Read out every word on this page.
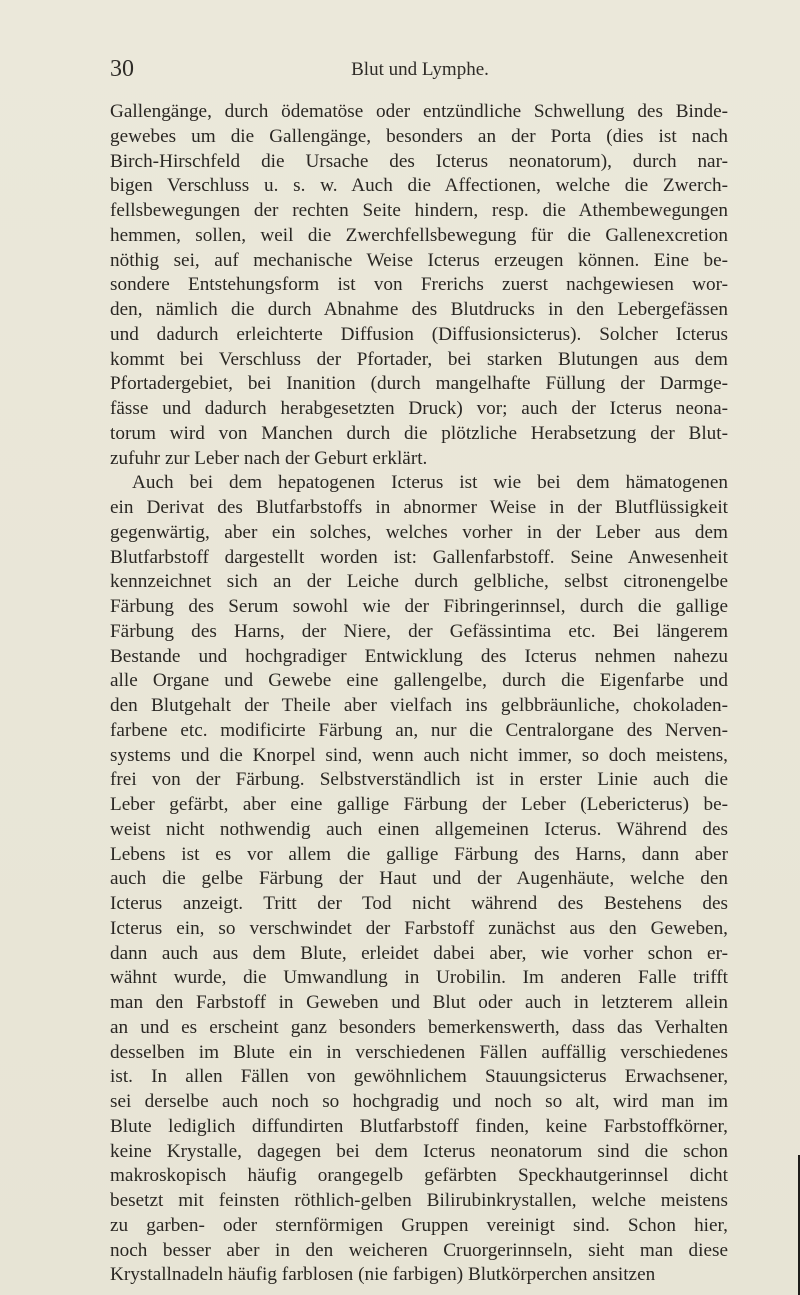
30	Blut und Lymphe.
Gallengänge, durch ödematöse oder entzündliche Schwellung des Binde-
gewebes um die Gallengänge, besonders an der Porta (dies ist nach
Birch-Hirschfeld die Ursache des Icterus neonatorum), durch nar-
bigen Verschluss u. s. w. Auch die Affectionen, welche die Zwerch-
fellsbewegungen der rechten Seite hindern, resp. die Athembewegungen
hemmen, sollen, weil die Zwerchfellsbewegung für die Gallenexcretion
nöthig sei, auf mechanische Weise Icterus erzeugen können. Eine be-
sondere Entstehungsform ist von Frerichs zuerst nachgewiesen wor-
den, nämlich die durch Abnahme des Blutdrucks in den Lebergefässen
und dadurch erleichterte Diffusion (Diffusionsicterus). Solcher Icterus
kommt bei Verschluss der Pfortader, bei starken Blutungen aus dem
Pfortadergebiet, bei Inanition (durch mangelhafte Füllung der Darmge-
fässe und dadurch herabgesetzten Druck) vor; auch der Icterus neona-
torum wird von Manchen durch die plötzliche Herabsetzung der Blut-
zufuhr zur Leber nach der Geburt erklärt.
Auch bei dem hepatogenen Icterus ist wie bei dem hämatogenen
ein Derivat des Blutfarbstoffs in abnormer Weise in der Blutflüssigkeit
gegenwärtig, aber ein solches, welches vorher in der Leber aus dem
Blutfarbstoff dargestellt worden ist: Gallenfarbstoff. Seine Anwesenheit
kennzeichnet sich an der Leiche durch gelbliche, selbst citronengelbe
Färbung des Serum sowohl wie der Fibringerinnsel, durch die gallige
Färbung des Harns, der Niere, der Gefässintima etc. Bei längerem
Bestande und hochgradiger Entwicklung des Icterus nehmen nahezu
alle Organe und Gewebe eine gallengelbe, durch die Eigenfarbe und
den Blutgehalt der Theile aber vielfach ins gelbbräunliche, chokoladen-
farbene etc. modificirte Färbung an, nur die Centralorgane des Nerven-
systems und die Knorpel sind, wenn auch nicht immer, so doch meistens,
frei von der Färbung. Selbstverständlich ist in erster Linie auch die
Leber gefärbt, aber eine gallige Färbung der Leber (Lebericterus) be-
weist nicht nothwendig auch einen allgemeinen Icterus. Während des
Lebens ist es vor allem die gallige Färbung des Harns, dann aber
auch die gelbe Färbung der Haut und der Augenhäute, welche den
Icterus anzeigt. Tritt der Tod nicht während des Bestehens des
Icterus ein, so verschwindet der Farbstoff zunächst aus den Geweben,
dann auch aus dem Blute, erleidet dabei aber, wie vorher schon er-
wähnt wurde, die Umwandlung in Urobilin. Im anderen Falle trifft
man den Farbstoff in Geweben und Blut oder auch in letzterem allein
an und es erscheint ganz besonders bemerkenswerth, dass das Verhalten
desselben im Blute ein in verschiedenen Fällen auffällig verschiedenes
ist. In allen Fällen von gewöhnlichem Stauungsicterus Erwachsener,
sei derselbe auch noch so hochgradig und noch so alt, wird man im
Blute lediglich diffundirten Blutfarbstoff finden, keine Farbstoffkörner,
keine Krystalle, dagegen bei dem Icterus neonatorum sind die schon
makroskopisch häufig orangegelb gefärbten Speckhautgerinnsel dicht
besetzt mit feinsten röthlich-gelben Bilirubinkrystallen, welche meistens
zu garben- oder sternförmigen Gruppen vereinigt sind. Schon hier,
noch besser aber in den weicheren Cruorgerinnseln, sieht man diese
Krystallnadeln häufig farblosen (nie farbigen) Blutkörperchen ansitzen
